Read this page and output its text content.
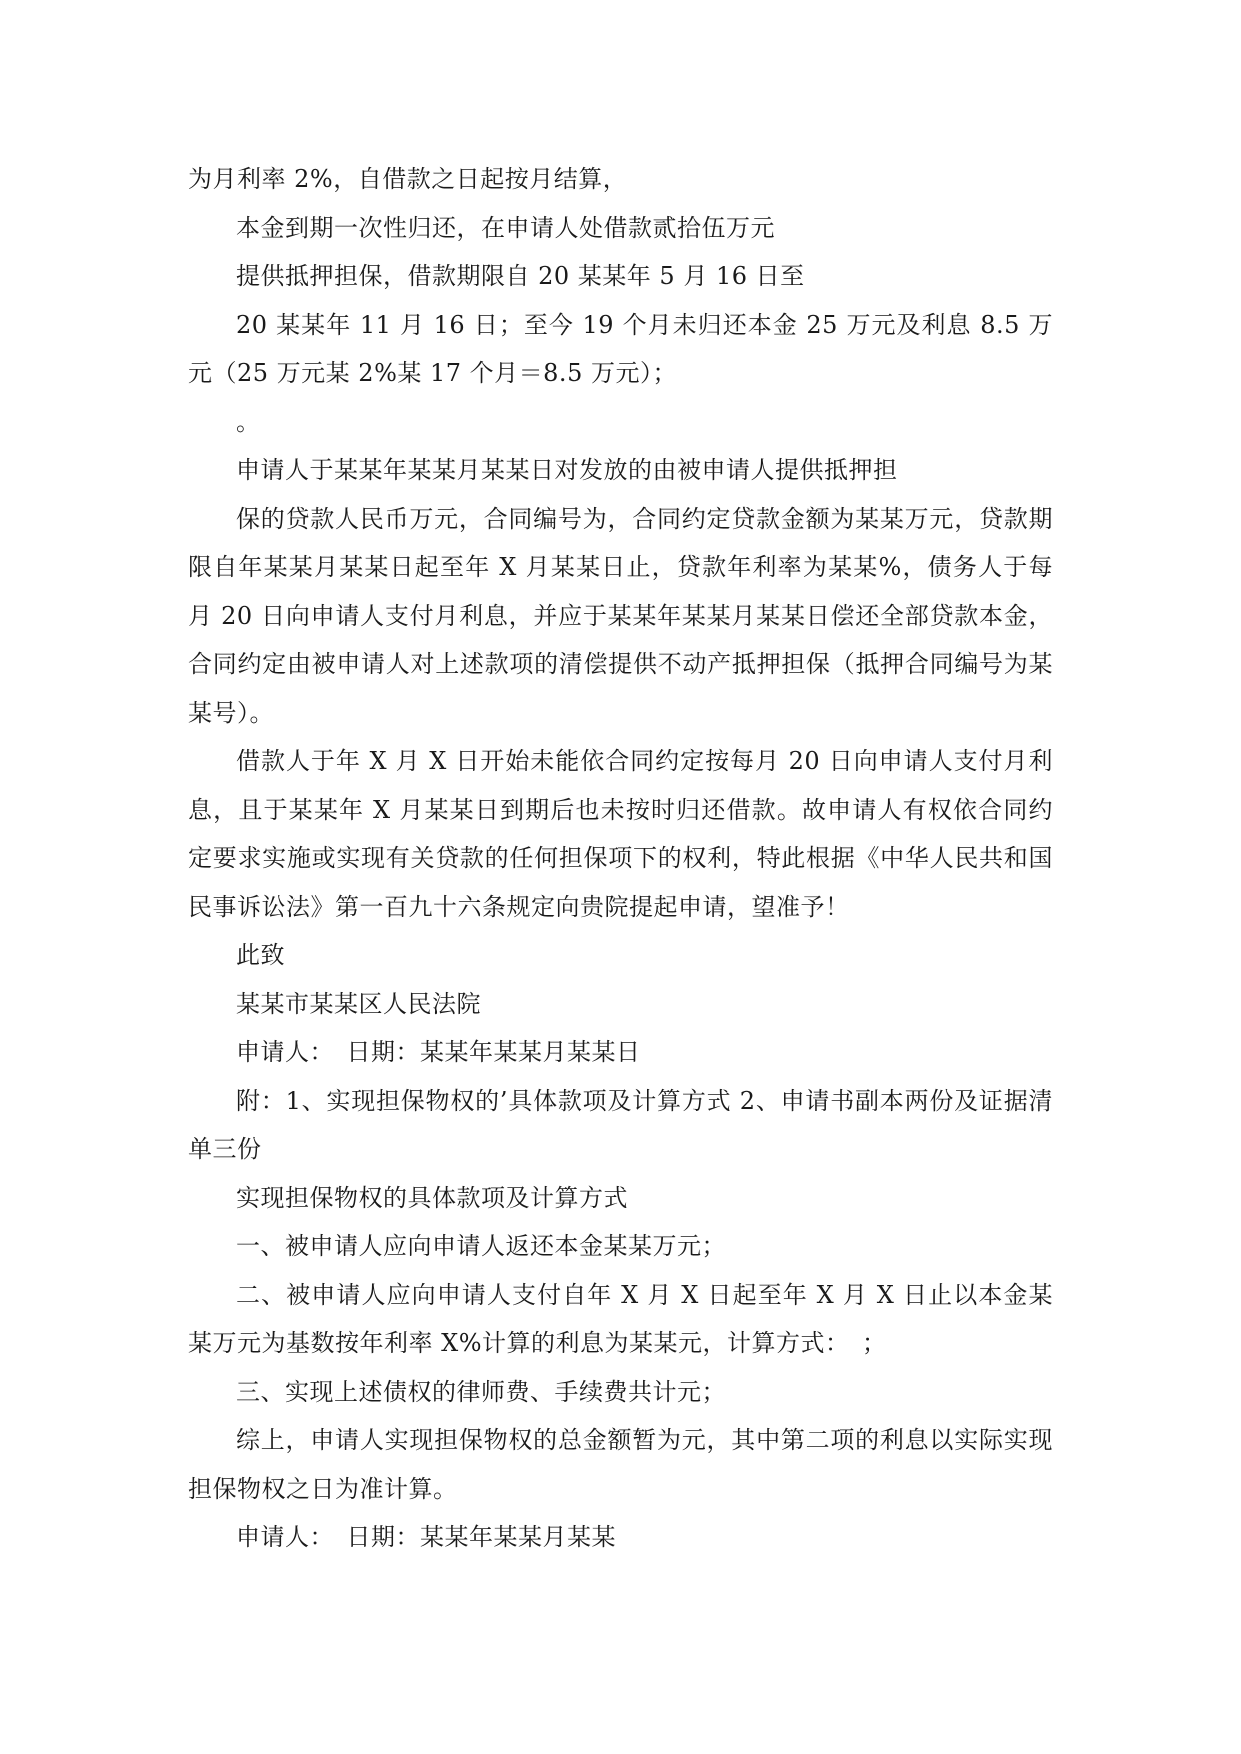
为月利率 2%，自借款之日起按月结算，

本金到期一次性归还，在申请人处借款贰拾伍万元

提供抵押担保，借款期限自 20 某某年 5 月 16 日至

20 某某年 11 月 16 日；至今 19 个月未归还本金 25 万元及利息 8.5 万元（25 万元某 2%某 17 个月＝8.5 万元）；

。

申请人于某某年某某月某某日对发放的由被申请人提供抵押担

保的贷款人民币万元，合同编号为，合同约定贷款金额为某某万元，贷款期限自年某某月某某日起至年 X 月某某日止，贷款年利率为某某%，债务人于每月 20 日向申请人支付月利息，并应于某某年某某月某某日偿还全部贷款本金，合同约定由被申请人对上述款项的清偿提供不动产抵押担保（抵押合同编号为某某号）。

借款人于年 X 月 X 日开始未能依合同约定按每月 20 日向申请人支付月利息，且于某某年 X 月某某日到期后也未按时归还借款。故申请人有权依合同约定要求实施或实现有关贷款的任何担保项下的权利，特此根据《中华人民共和国民事诉讼法》第一百九十六条规定向贵院提起申请，望准予！

此致

某某市某某区人民法院

申请人：　日期：某某年某某月某某日

附：1、实现担保物权的’具体款项及计算方式 2、申请书副本两份及证据清单三份

实现担保物权的具体款项及计算方式

一、被申请人应向申请人返还本金某某万元；

二、被申请人应向申请人支付自年 X 月 X 日起至年 X 月 X 日止以本金某某万元为基数按年利率 X%计算的利息为某某元，计算方式：　；

三、实现上述债权的律师费、手续费共计元；

综上，申请人实现担保物权的总金额暂为元，其中第二项的利息以实际实现担保物权之日为准计算。

申请人：　日期：某某年某某月某某
